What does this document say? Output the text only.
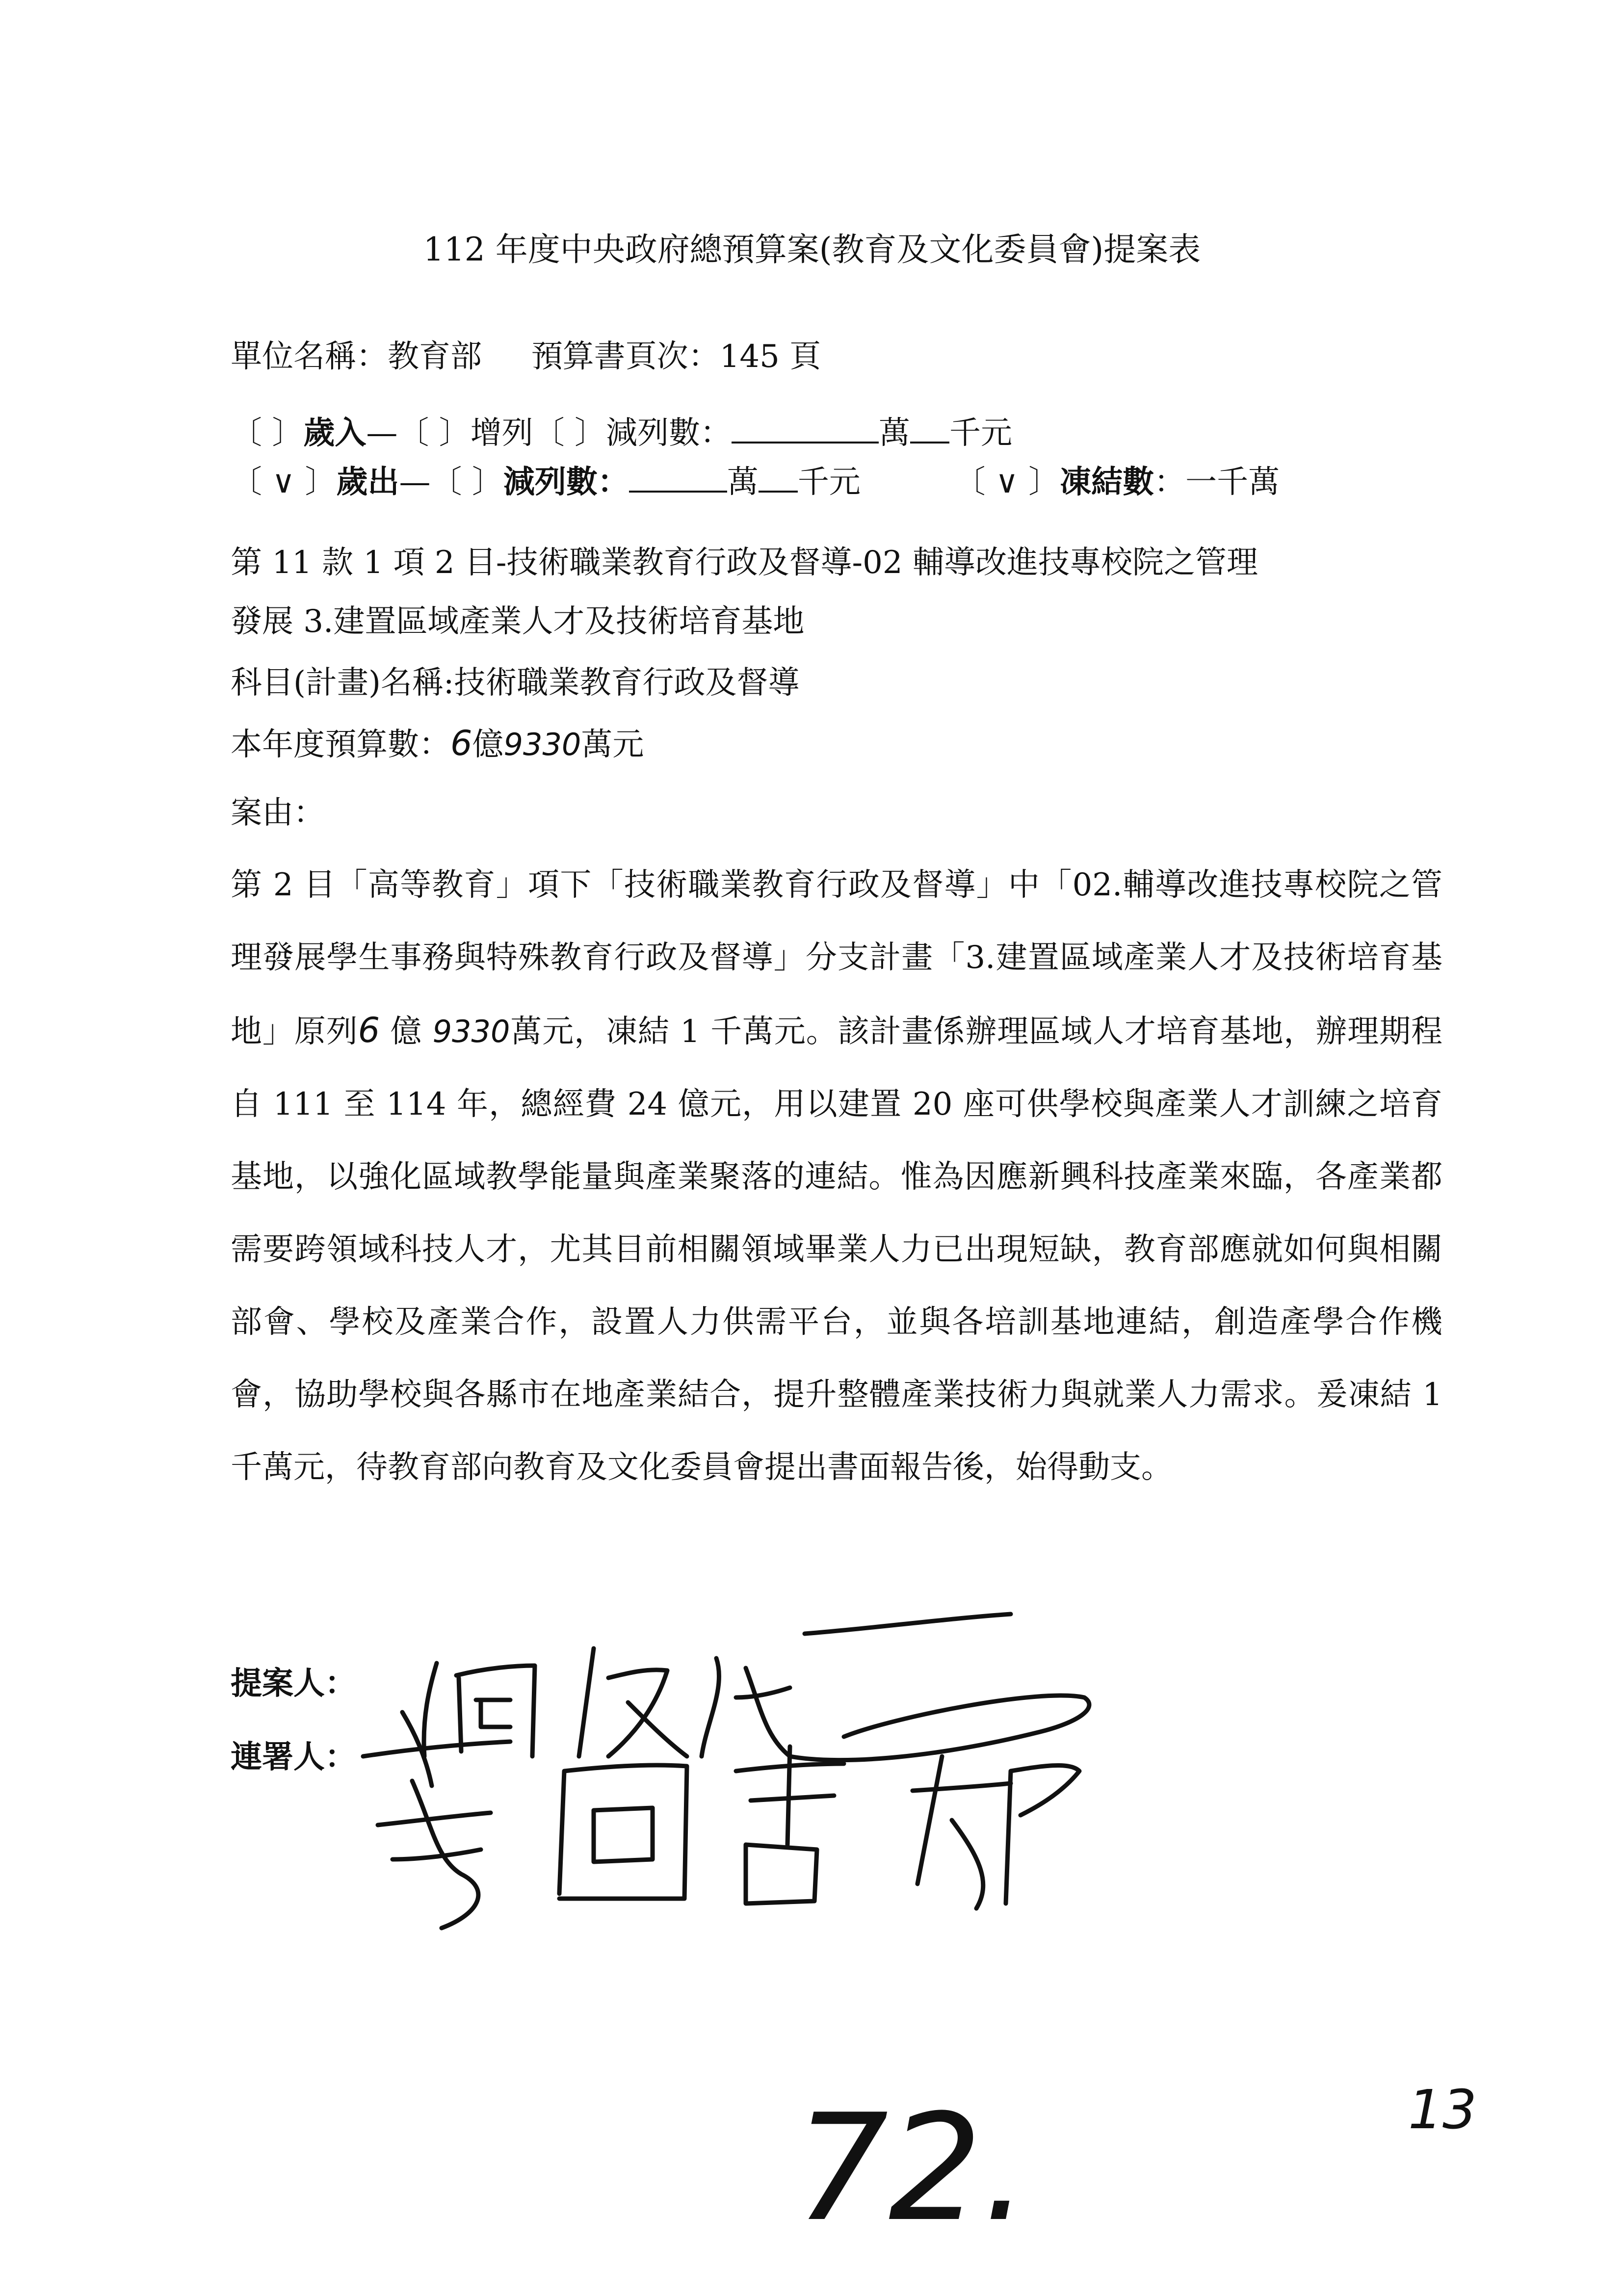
112 年度中央政府總預算案(教育及文化委員會)提案表
單位名稱：教育部 預算書頁次：145 頁
〔 〕歲入—〔 〕增列〔 〕減列數：	萬 千元
〔 ∨ 〕歲出—〔 〕減列數：	萬 千元	〔 ∨ 〕凍結數：一千萬
第 11 款 1 項 2 目-技術職業教育行政及督導-02 輔導改進技專校院之管理
發展 3.建置區域產業人才及技術培育基地
科目(計畫)名稱:技術職業教育行政及督導
本年度預算數：6億9330萬元
案由：
第 2 目「高等教育」項下「技術職業教育行政及督導」中「02.輔導改進技專校院之管理發展學生事務與特殊教育行政及督導」分支計畫「3.建置區域產業人才及技術培育基地」原列6 億 9330萬元，凍結 1 千萬元。該計畫係辦理區域人才培育基地，辦理期程自 111 至 114 年，總經費 24 億元，用以建置 20 座可供學校與產業人才訓練之培育基地，以強化區域教學能量與產業聚落的連結。惟為因應新興科技產業來臨，各產業都需要跨領域科技人才，尤其目前相關領域畢業人力已出現短缺，教育部應就如何與相關部會、學校及產業合作，設置人力供需平台，並與各培訓基地連結，創造產學合作機會，協助學校與各縣市在地產業結合，提升整體產業技術力與就業人力需求。爰凍結 1 千萬元，待教育部向教育及文化委員會提出書面報告後，始得動支。
提案人：
連署人：
72.	13
